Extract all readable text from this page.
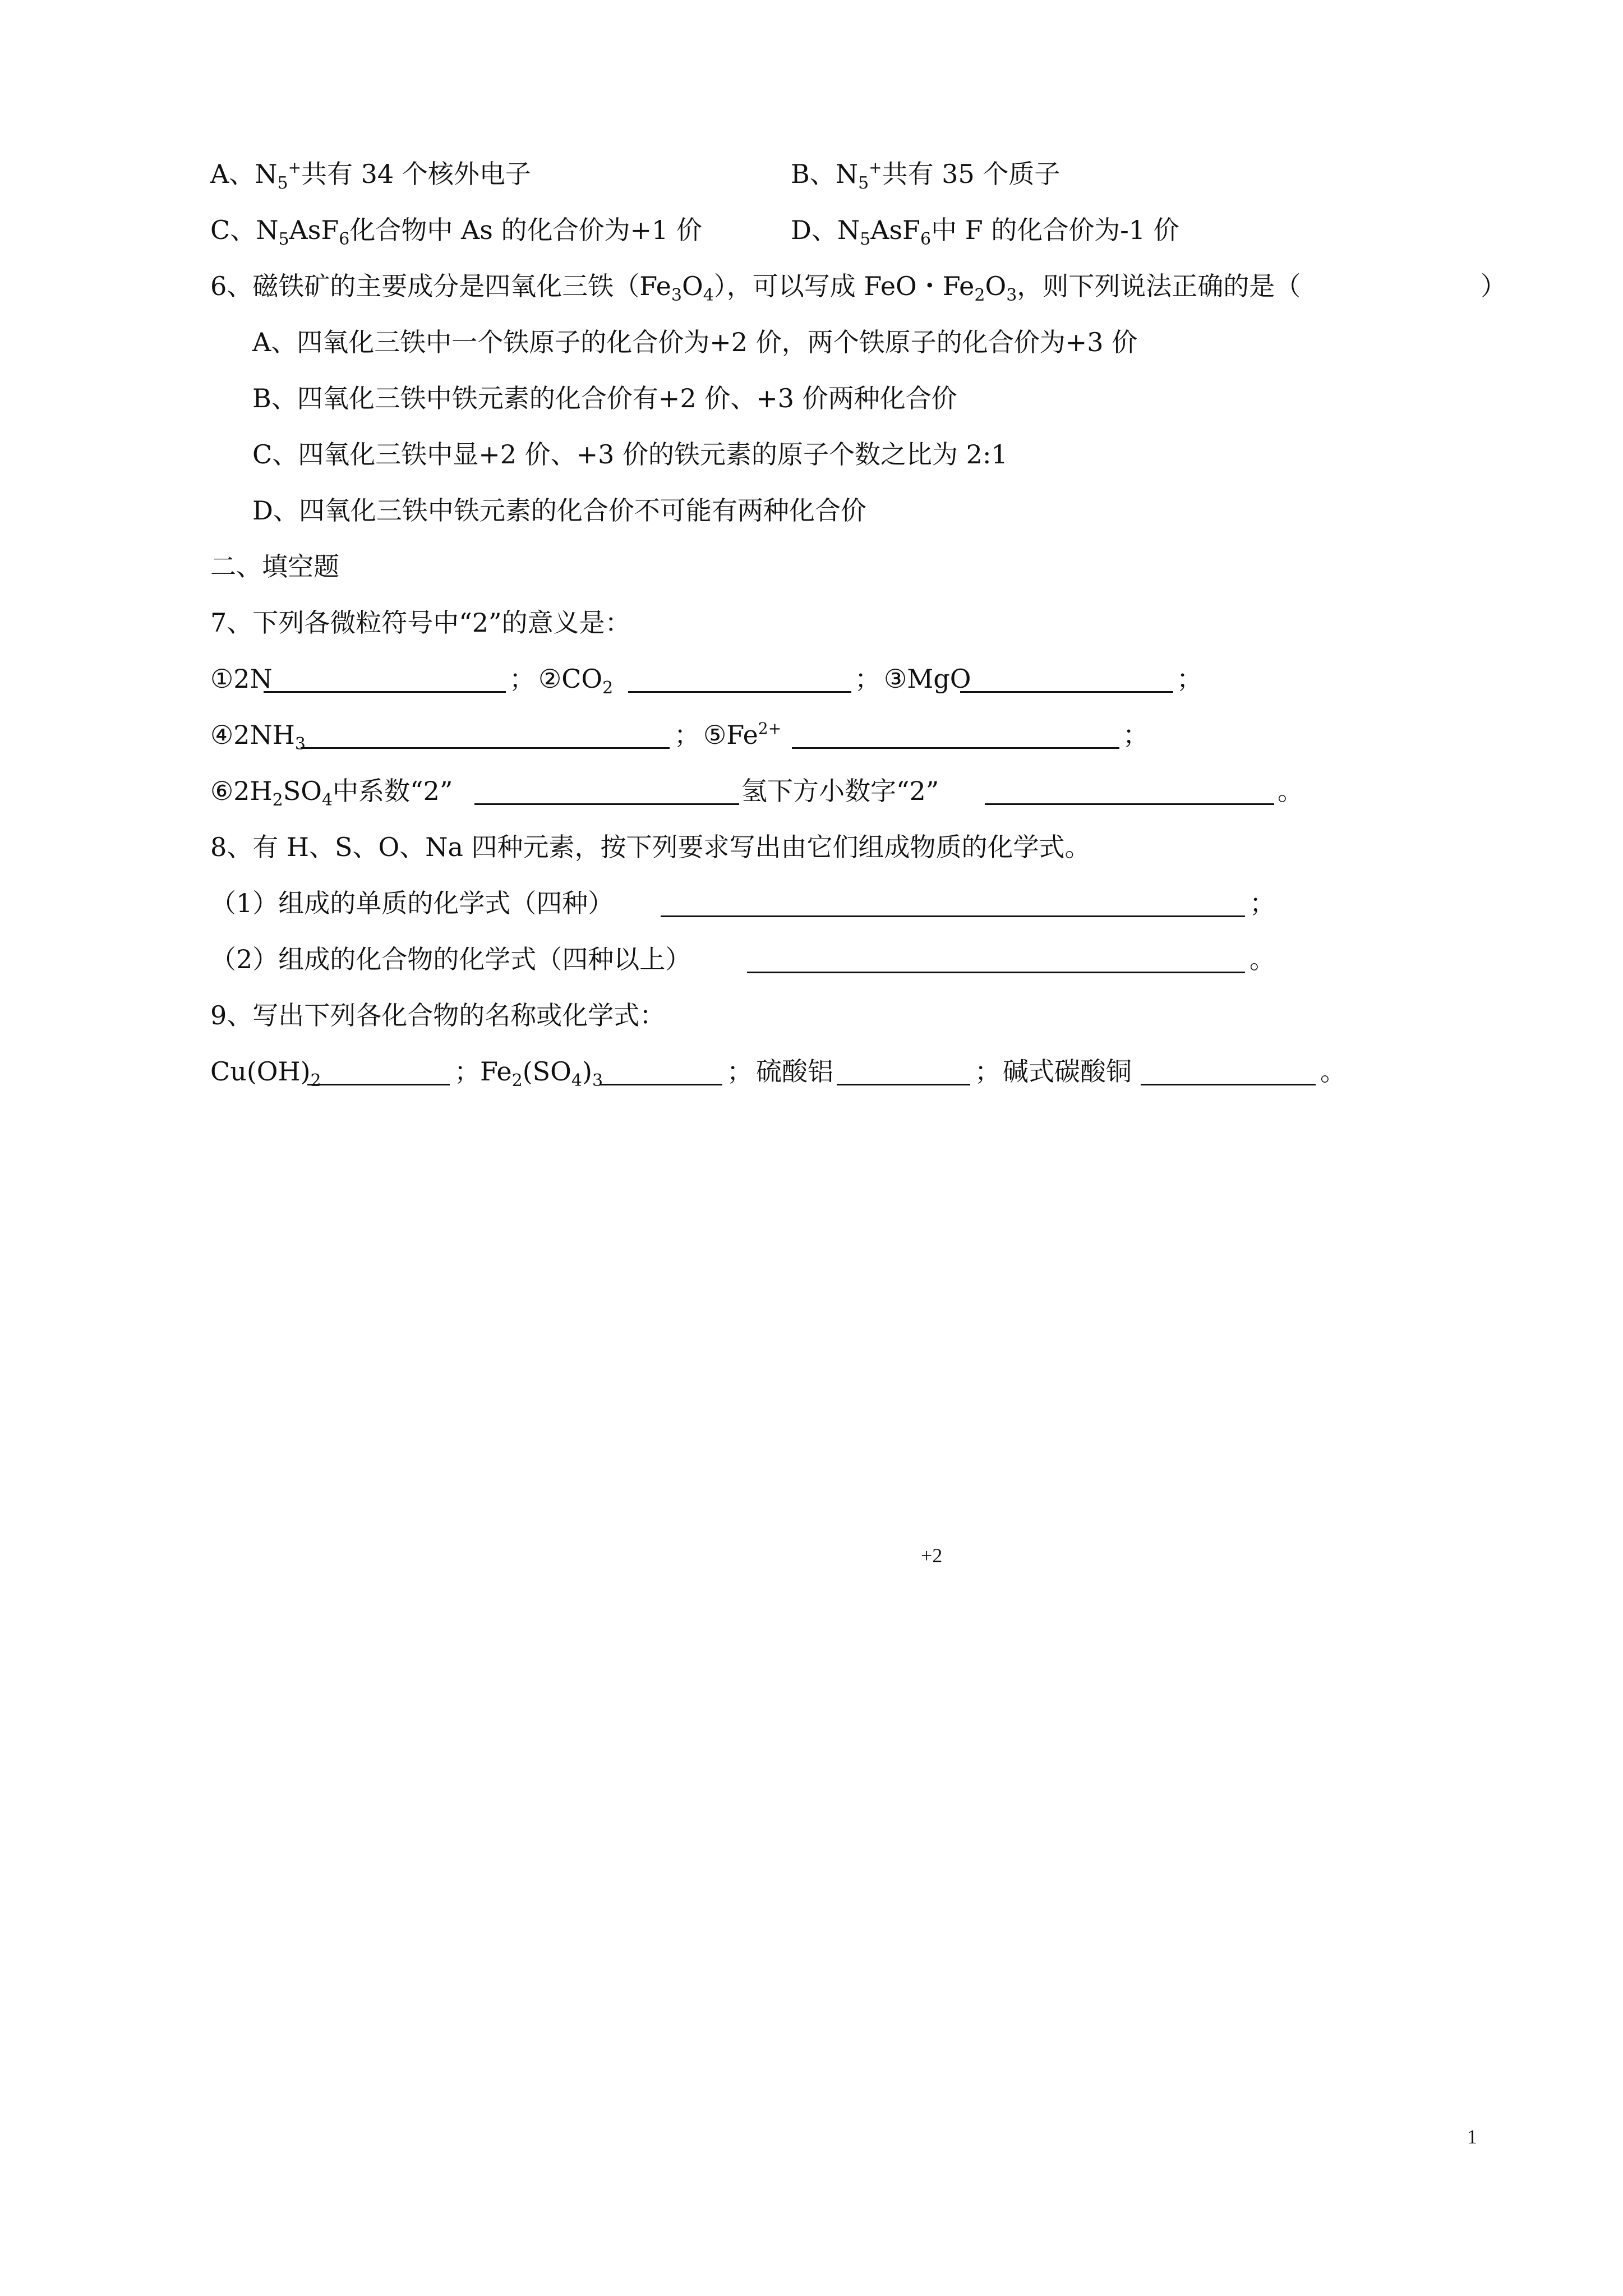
A、$N_5^+$共有 34 个核外电子	B、$N_5^+$共有 35 个质子
C、$N_5AsF_6$化合物中 As 的化合价为+1 价	D、$N_5AsF_6$中 F 的化合价为-1 价
6、磁铁矿的主要成分是四氧化三铁$(Fe_3O_4)$，可以写成 FeO・$Fe_2O_3$，则下列说法正确的是（	）
A、四氧化三铁中一个铁原子的化合价为+2 价，两个铁原子的化合价为+3 价
B、四氧化三铁中铁元素的化合价有+2 价、+3 价两种化合价
C、四氧化三铁中显+2 价、+3 价的铁元素的原子个数之比为 2:1
D、四氧化三铁中铁元素的化合价不可能有两种化合价
二、填空题
7、下列各微粒符号中“2”的意义是：
①2N	； $②CO_2$	； ③MgO	；
$④2NH_3$	； $⑤Fe^{2+}$	；
$⑥2H_2SO_4$中系数“2”	氢下方小数字“2”	。
8、有 H、S、O、Na 四种元素，按下列要求写出由它们组成物质的化学式。
（1）组成的单质的化学式（四种）	；
（2）组成的化合物的化学式（四种以上）	。
9、写出下列各化合物的名称或化学式：
$Cu(OH)_2$	； $Fe_2(SO_4)_3$	； 硫酸铝	； 碱式碳酸铜	。
+2
1
